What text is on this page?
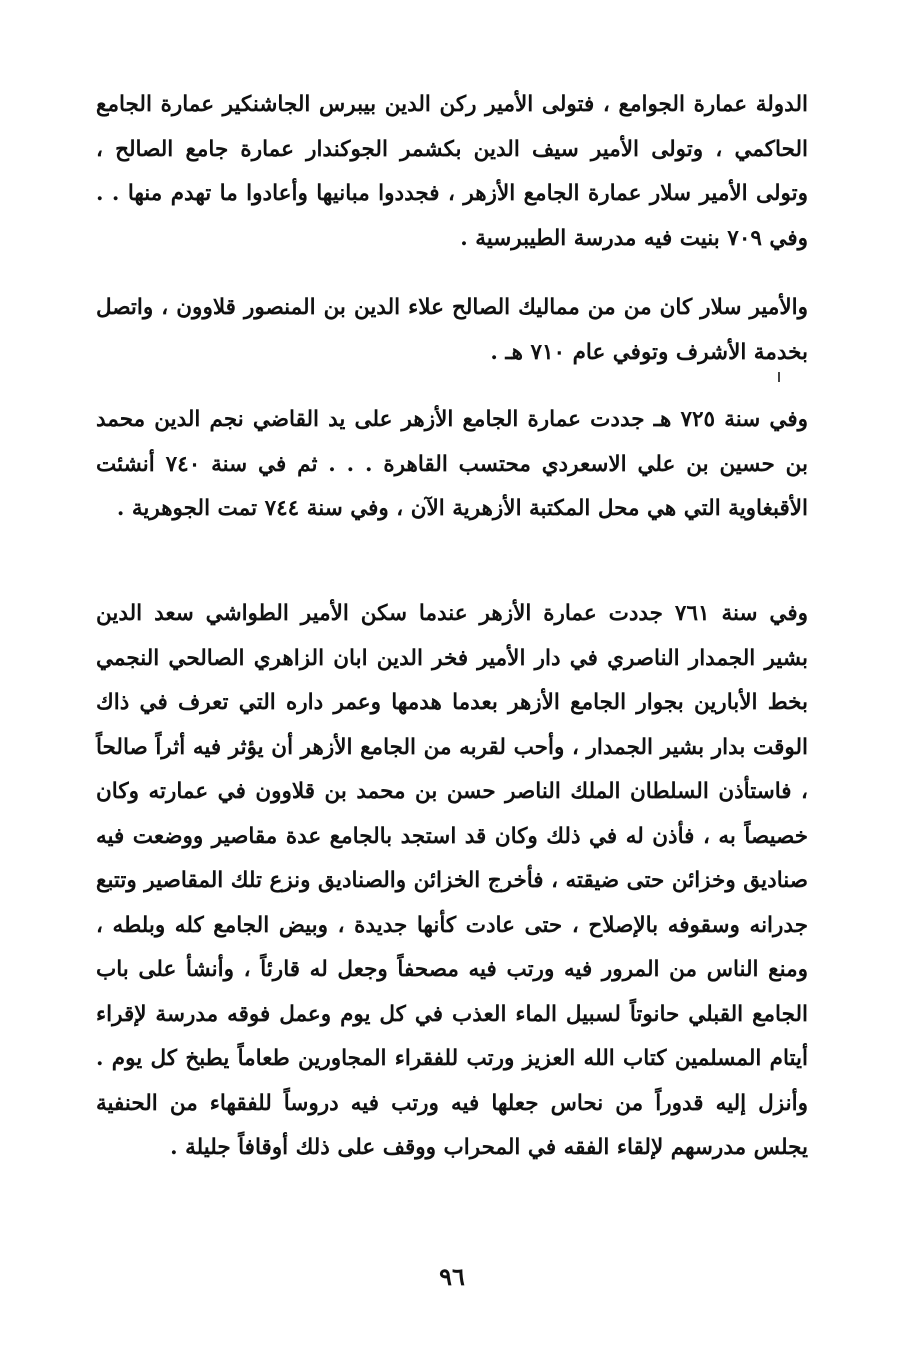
الدولة عمارة الجوامع ، فتولى الأمير ركن الدين بيبرس الجاشنكير عمارة الجامع الحاكمي ، وتولى الأمير سيف الدين بكشمر الجوكندار عمارة جامع الصالح ، وتولى الأمير سلار عمارة الجامع الأزهر ، فجددوا مبانيها وأعادوا ما تهدم منها . . وفي ٧٠٩ بنيت فيه مدرسة الطيبرسية .

والأمير سلار كان من من مماليك الصالح علاء الدين بن المنصور قلاوون ، واتصل بخدمة الأشرف وتوفي عام ٧١٠ هـ .

وفي سنة ٧٢٥ هـ جددت عمارة الجامع الأزهر على يد القاضي نجم الدين محمد بن حسين بن علي الاسعردي محتسب القاهرة . . . ثم في سنة ٧٤٠ أنشئت الأقبغاوية التي هي محل المكتبة الأزهرية الآن ، وفي سنة ٧٤٤ تمت الجوهرية .

وفي سنة ٧٦١ جددت عمارة الأزهر عندما سكن الأمير الطواشي سعد الدين بشير الجمدار الناصري في دار الأمير فخر الدين ابان الزاهري الصالحي النجمي بخط الأبارين بجوار الجامع الأزهر بعدما هدمها وعمر داره التي تعرف في ذاك الوقت بدار بشير الجمدار ، وأحب لقربه من الجامع الأزهر أن يؤثر فيه أثراً صالحاً ، فاستأذن السلطان الملك الناصر حسن بن محمد بن قلاوون في عمارته وكان خصيصاً به ، فأذن له في ذلك وكان قد استجد بالجامع عدة مقاصير ووضعت فيه صناديق وخزائن حتى ضيقته ، فأخرج الخزائن والصناديق ونزع تلك المقاصير وتتبع جدرانه وسقوفه بالإصلاح ، حتى عادت كأنها جديدة ، وبيض الجامع كله وبلطه ، ومنع الناس من المرور فيه ورتب فيه مصحفاً وجعل له قارئاً ، وأنشأ على باب الجامع القبلي حانوتاً لسبيل الماء العذب في كل يوم وعمل فوقه مدرسة لإقراء أيتام المسلمين كتاب الله العزيز ورتب للفقراء المجاورين طعاماً يطبخ كل يوم . وأنزل إليه قدوراً من نحاس جعلها فيه ورتب فيه دروساً للفقهاء من الحنفية يجلس مدرسهم لإلقاء الفقه في المحراب ووقف على ذلك أوقافاً جليلة .

٩٦
